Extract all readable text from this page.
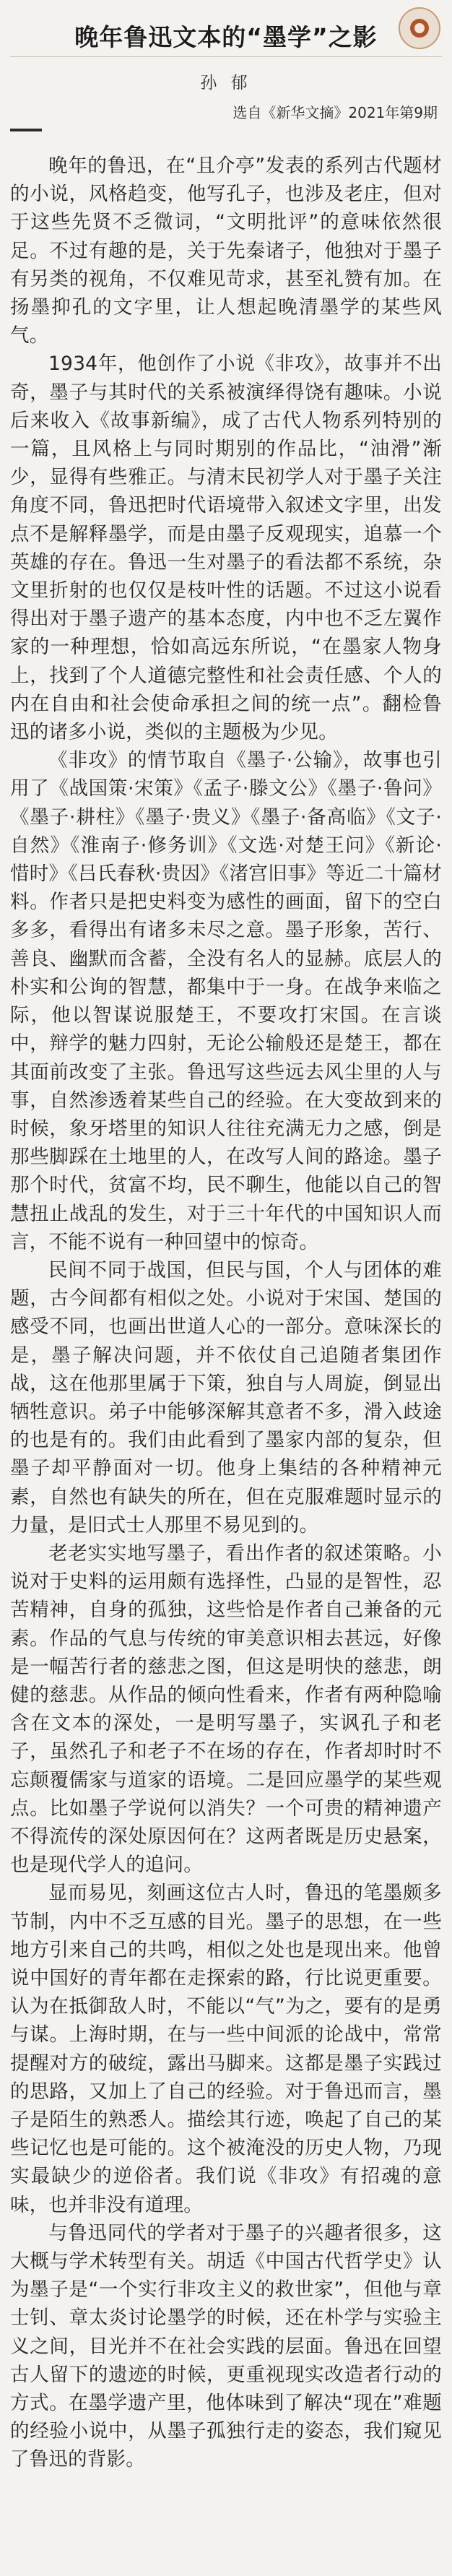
晚年鲁迅文本的“墨学”之影
孙 郁
选自《新华文摘》2021年第9期

晚年的鲁迅，在“且介亭”发表的系列古代题材的小说，风格趋变，他写孔子，也涉及老庄，但对于这些先贤不乏微词，“文明批评”的意味依然很足。不过有趣的是，关于先秦诸子，他独对于墨子有另类的视角，不仅难见苛求，甚至礼赞有加。在扬墨抑孔的文字里，让人想起晚清墨学的某些风气。

1934年，他创作了小说《非攻》，故事并不出奇，墨子与其时代的关系被演绎得饶有趣味。小说后来收入《故事新编》，成了古代人物系列特别的一篇，且风格上与同时期别的作品比，“油滑”渐少，显得有些雅正。与清末民初学人对于墨子关注角度不同，鲁迅把时代语境带入叙述文字里，出发点不是解释墨学，而是由墨子反观现实，追慕一个英雄的存在。鲁迅一生对墨子的看法都不系统，杂文里折射的也仅仅是枝叶性的话题。不过这小说看得出对于墨子遗产的基本态度，内中也不乏左翼作家的一种理想，恰如高远东所说，“在墨家人物身上，找到了个人道德完整性和社会责任感、个人的内在自由和社会使命承担之间的统一点”。翻检鲁迅的诸多小说，类似的主题极为少见。

《非攻》的情节取自《墨子·公输》，故事也引用了《战国策·宋策》《孟子·滕文公》《墨子·鲁问》《墨子·耕柱》《墨子·贵义》《墨子·备高临》《文子·自然》《淮南子·修务训》《文选·对楚王问》《新论·惜时》《吕氏春秋·贵因》《渚宫旧事》等近二十篇材料。作者只是把史料变为感性的画面，留下的空白多多，看得出有诸多未尽之意。墨子形象，苦行、善良、幽默而含蓄，全没有名人的显赫。底层人的朴实和公询的智慧，都集中于一身。在战争来临之际，他以智谋说服楚王，不要攻打宋国。在言谈中，辩学的魅力四射，无论公输般还是楚王，都在其面前改变了主张。鲁迅写这些远去风尘里的人与事，自然渗透着某些自己的经验。在大变故到来的时候，象牙塔里的知识人往往充满无力之感，倒是那些脚踩在土地里的人，在改写人间的路途。墨子那个时代，贫富不均，民不聊生，他能以自己的智慧扭止战乱的发生，对于三十年代的中国知识人而言，不能不说有一种回望中的惊奇。

民间不同于战国，但民与国，个人与团体的难题，古今间都有相似之处。小说对于宋国、楚国的感受不同，也画出世道人心的一部分。意味深长的是，墨子解决问题，并不依仗自己追随者集团作战，这在他那里属于下策，独自与人周旋，倒显出牺牲意识。弟子中能够深解其意者不多，滑入歧途的也是有的。我们由此看到了墨家内部的复杂，但墨子却平静面对一切。他身上集结的各种精神元素，自然也有缺失的所在，但在克服难题时显示的力量，是旧式士人那里不易见到的。

老老实实地写墨子，看出作者的叙述策略。小说对于史料的运用颇有选择性，凸显的是智性，忍苦精神，自身的孤独，这些恰是作者自己兼备的元素。作品的气息与传统的审美意识相去甚远，好像是一幅苦行者的慈悲之图，但这是明快的慈悲，朗健的慈悲。从作品的倾向性看来，作者有两种隐喻含在文本的深处，一是明写墨子，实讽孔子和老子，虽然孔子和老子不在场的存在，作者却时时不忘颠覆儒家与道家的语境。二是回应墨学的某些观点。比如墨子学说何以消失？一个可贵的精神遗产不得流传的深处原因何在？这两者既是历史悬案，也是现代学人的追问。

显而易见，刻画这位古人时，鲁迅的笔墨颇多节制，内中不乏互感的目光。墨子的思想，在一些地方引来自己的共鸣，相似之处也是现出来。他曾说中国好的青年都在走探索的路，行比说更重要。认为在抵御敌人时，不能以“气”为之，要有的是勇与谋。上海时期，在与一些中间派的论战中，常常提醒对方的破绽，露出马脚来。这都是墨子实践过的思路，又加上了自己的经验。对于鲁迅而言，墨子是陌生的熟悉人。描绘其行迹，唤起了自己的某些记忆也是可能的。这个被淹没的历史人物，乃现实最缺少的逆俗者。我们说《非攻》有招魂的意味，也并非没有道理。

与鲁迅同代的学者对于墨子的兴趣者很多，这大概与学术转型有关。胡适《中国古代哲学史》认为墨子是“一个实行非攻主义的救世家”，但他与章士钊、章太炎讨论墨学的时候，还在朴学与实验主义之间，目光并不在社会实践的层面。鲁迅在回望古人留下的遗迹的时候，更重视现实改造者行动的方式。在墨学遗产里，他体味到了解决“现在”难题的经验小说中，从墨子孤独行走的姿态，我们窥见了鲁迅的背影。
